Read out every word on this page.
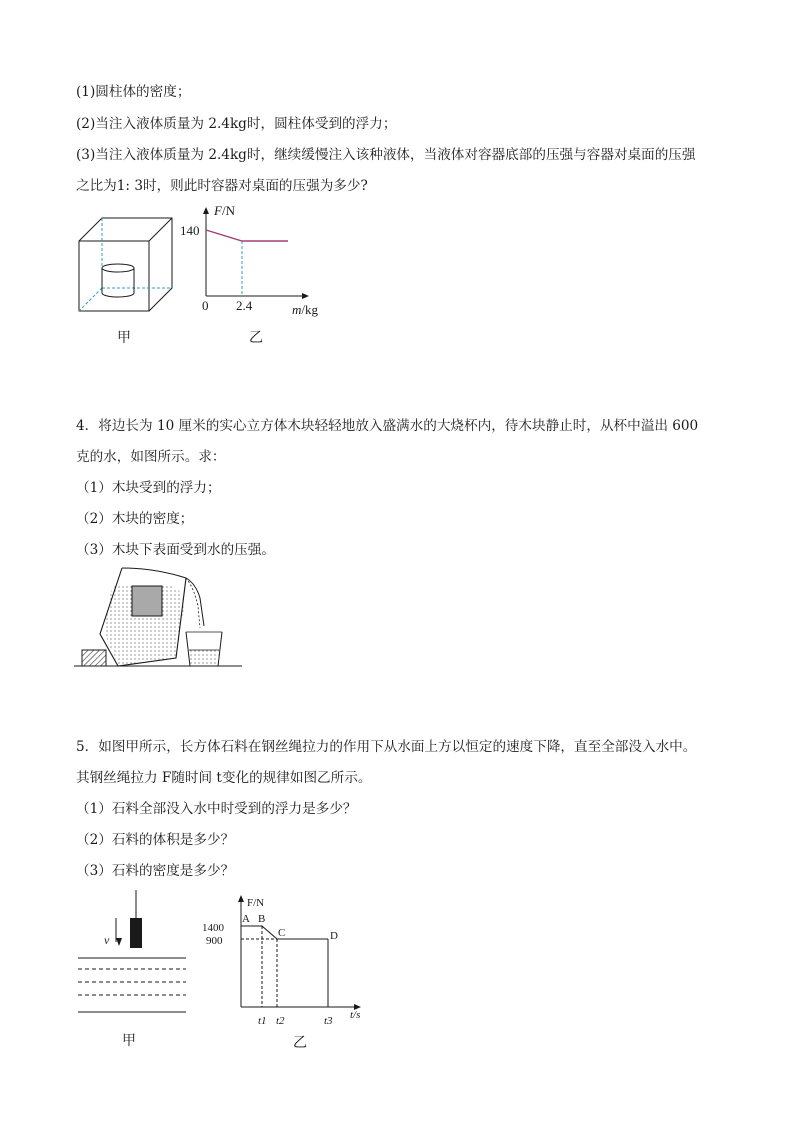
(1)圆柱体的密度；
(2)当注入液体质量为 2.4kg时，圆柱体受到的浮力；
(3)当注入液体质量为 2.4kg时，继续缓慢注入该种液体，当液体对容器底部的压强与容器对桌面的压强
之比为1: 3时，则此时容器对桌面的压强为多少?
甲
F/N
140
0 2.4	m/kg
乙
4．将边长为 10 厘米的实心立方体木块轻轻地放入盛满水的大烧杯内，待木块静止时，从杯中溢出 600
克的水，如图所示。求：
（1）木块受到的浮力；
（2）木块的密度；
（3）木块下表面受到水的压强。
5．如图甲所示，长方体石料在钢丝绳拉力的作用下从水面上方以恒定的速度下降，直至全部没入水中。
其钢丝绳拉力 F随时间 t变化的规律如图乙所示。
（1）石料全部没入水中时受到的浮力是多少？
（2）石料的体积是多少？
（3）石料的密度是多少？
v
甲
F/N
1400
900
t/s
A B
C	D
t1 t2	t3
乙
